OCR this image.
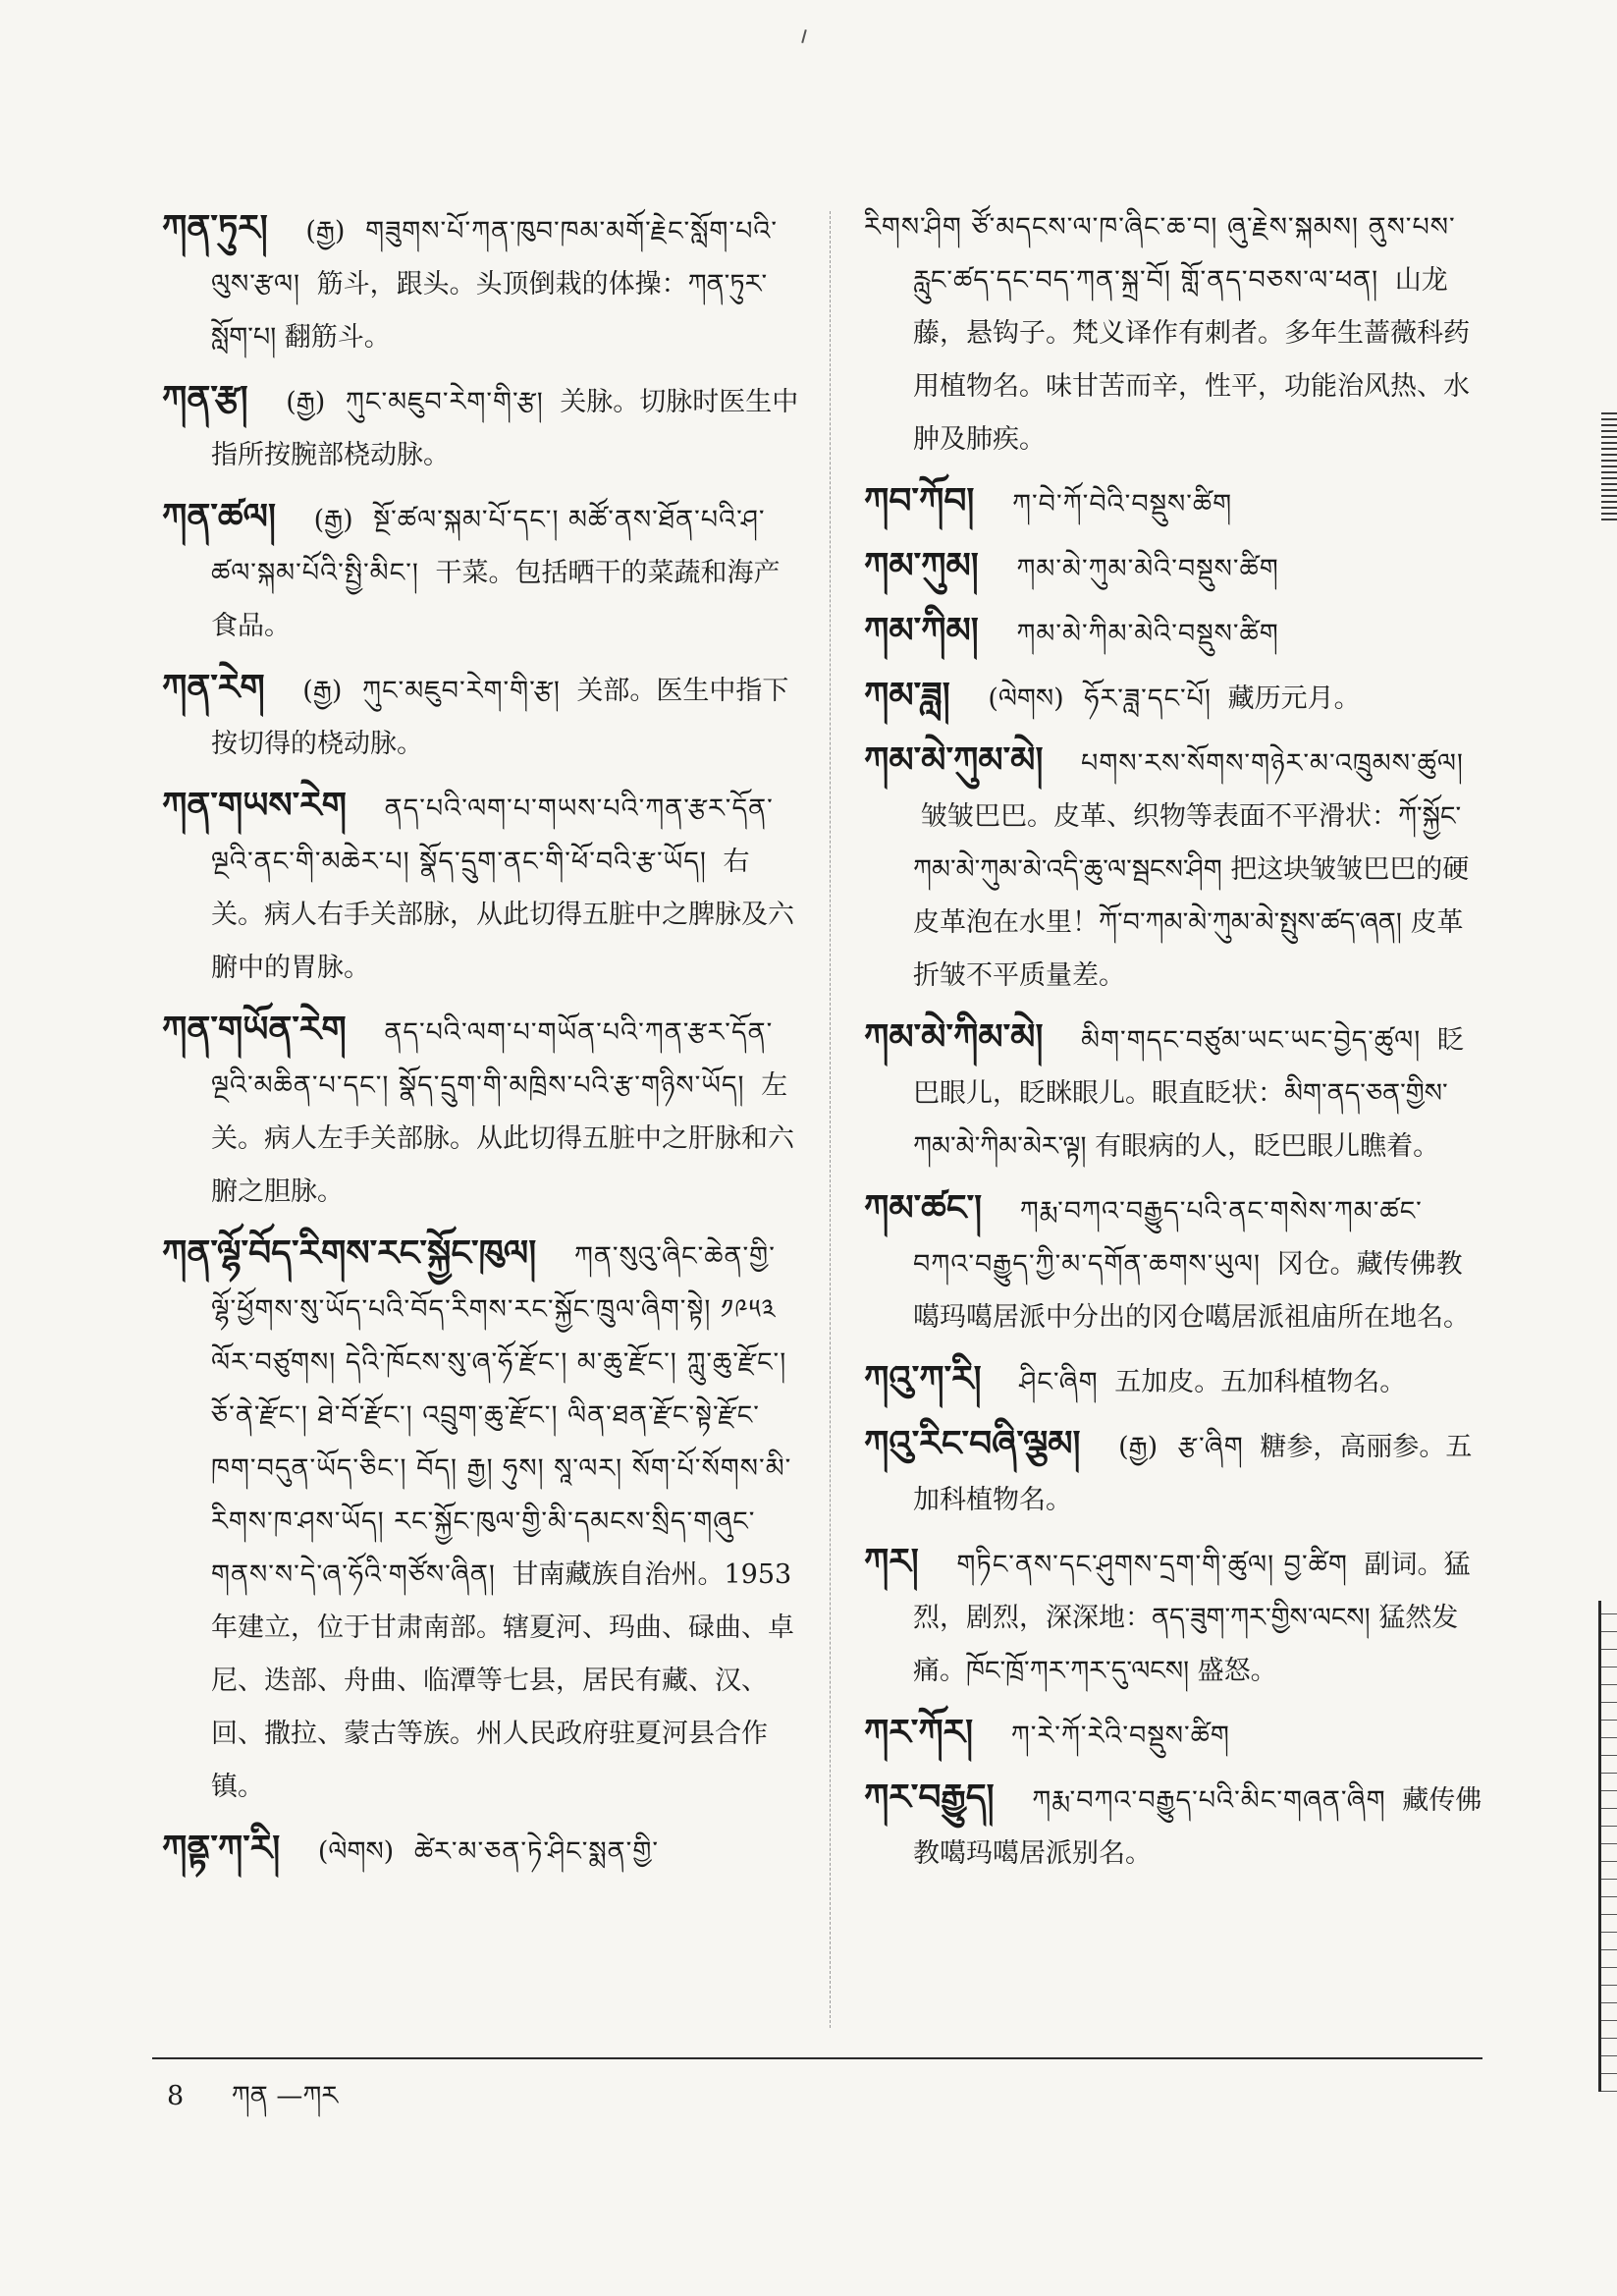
ཀན་ཏུར། (རྒྱ) གཟུགས་པོ་ཀན་ཁུབ་ཁམ་མགོ་རྗེང་སློག་པའི་ལུས་རྩལ། 筋斗，跟头。头顶倒栽的体操：ཀན་ཏུར་སློག་པ། 翻筋斗。
ཀན་རྩ། (རྒྱ) ཀུང་མཇུབ་རེག་གི་རྩ། 关脉。切脉时医生中指所按腕部桡动脉。
ཀན་ཚལ། (རྒྱ) སྔོ་ཚལ་སྐམ་པོ་དང་། མཚོ་ནས་ཐོན་པའི་ཤ་ཚལ་སྐམ་པོའི་སྤྱི་མིང་། 干菜。包括晒干的菜蔬和海产食品。
ཀན་རེག (རྒྱ) ཀུང་མཇུབ་རེག་གི་རྩ། 关部。医生中指下按切得的桡动脉。
ཀན་གཡས་རེག ནད་པའི་ལག་པ་གཡས་པའི་ཀན་རྩར་དོན་ལྔའི་ནང་གི་མཆེར་པ། སྣོད་དྲུག་ནང་གི་ཕོ་བའི་རྩ་ཡོད། 右关。病人右手关部脉，从此切得五脏中之脾脉及六腑中的胃脉。
ཀན་གཡོན་རེག ནད་པའི་ལག་པ་གཡོན་པའི་ཀན་རྩར་དོན་ལྔའི་མཆིན་པ་དང་། སྣོད་དྲུག་གི་མཁྲིས་པའི་རྩ་གཉིས་ཡོད། 左关。病人左手关部脉。从此切得五脏中之肝脉和六腑之胆脉。
ཀན་ལྷོ་བོད་རིགས་རང་སྐྱོང་ཁུལ། ཀན་སུའུ་ཞིང་ཆེན་གྱི་ལྷོ་ཕྱོགས་སུ་ཡོད་པའི་བོད་རིགས་རང་སྐྱོང་ཁྲུལ་ཞིག་སྟེ། ༡༩༥༣ ལོར་བཙུགས། དེའི་ཁོངས་སུ་ཞ་ཧོ་རྫོང་། མ་ཆུ་རྫོང་། ཀླུ་ཆུ་རྫོང་། ཅོ་ནེ་རྫོང་། ཐེ་བོ་རྫོང་། འབྲུག་ཆུ་རྫོང་། ལིན་ཐན་རྫོང་སྟེ་རྫོང་ཁག་བདུན་ཡོད་ཅིང་། བོད། རྒྱ། ཧུས། སཱ་ལར། སོག་པོ་སོགས་མི་རིགས་ཁ་ཤས་ཡོད། རང་སྐྱོང་ཁུལ་གྱི་མི་དམངས་སྲིད་གཞུང་གནས་ས་དེ་ཞ་ཧོའི་གཙོས་ཞིན། 甘南藏族自治州。1953 年建立，位于甘肃南部。辖夏河、玛曲、碌曲、卓尼、迭部、舟曲、临潭等七县，居民有藏、汉、回、撒拉、蒙古等族。州人民政府驻夏河县合作镇。
ཀནྟ་ཀ་རི། (ལེགས) ཚེར་མ་ཅན་ཏེ་ཤིང་སྨན་གྱི་
རིགས་ཤིག ཙོ་མདངས་ལ་ཁ་ཞིང་ཆ་བ། ཞུ་རྗེས་སྐམས། ནུས་པས་རླུང་ཚད་དང་བད་ཀན་སྐྲ་བོ། གློ་ནད་བཅས་ལ་ཕན། 山龙藤，悬钩子。梵义译作有刺者。多年生蔷薇科药用植物名。味甘苦而辛，性平，功能治风热、水肿及肺疾。
ཀབ་ཀོབ། ཀ་བེ་ཀོ་བེའི་བསྡུས་ཚིག
ཀམ་ཀུམ། ཀམ་མེ་ཀུམ་མེའི་བསྡུས་ཚིག
ཀམ་ཀིམ། ཀམ་མེ་ཀིམ་མེའི་བསྡུས་ཚིག
ཀམ་ཟླ། (ལེགས) ཧོར་ཟླ་དང་པོ། 藏历元月。
ཀམ་མེ་ཀུམ་མེ། པགས་རས་སོགས་གཉེར་མ་འཁྲུམས་ཚུལ། 皱皱巴巴。皮革、织物等表面不平滑状：ཀོ་སྐྱོང་ཀམ་མེ་ཀུམ་མེ་འདི་ཆུ་ལ་སྦངས་ཤིག 把这块皱皱巴巴的硬皮革泡在水里！ཀོ་བ་ཀམ་མེ་ཀུམ་མེ་སྤུས་ཚད་ཞན། 皮革折皱不平质量差。
ཀམ་མེ་ཀིམ་མེ། མིག་གདང་བཙུམ་ཡང་ཡང་བྱེད་ཚུལ། 眨巴眼儿，眨眯眼儿。眼直眨状：མིག་ནད་ཅན་གྱིས་ཀམ་མེ་ཀིམ་མེར་ལྟ། 有眼病的人，眨巴眼儿瞧着。
ཀམ་ཚང་། ཀརྨ་བཀའ་བརྒྱུད་པའི་ནང་གསེས་ཀམ་ཚང་བཀའ་བརྒྱུད་ཀྱི་མ་དགོན་ཆགས་ཡུལ། 冈仓。藏传佛教噶玛噶居派中分出的冈仓噶居派祖庙所在地名。
ཀའུ་ཀ་རི། ཤིང་ཞིག 五加皮。五加科植物名。
ཀའུ་རིང་བཞི་ལྕམ། (རྒྱ) རྩ་ཞིག 糖参，高丽参。五加科植物名。
ཀར། གཏིང་ནས་དང་ཤུགས་དྲག་གི་ཚུལ། བྱ་ཚིག 副词。猛烈，剧烈，深深地：ནད་ཟུག་ཀར་གྱིས་ལངས། 猛然发痛。ཁོང་ཁྲོ་ཀར་ཀར་དུ་ལངས། 盛怒。
ཀར་ཀོར། ཀ་རེ་ཀོ་རེའི་བསྡུས་ཚིག
ཀར་བརྒྱུད། ཀརྨ་བཀའ་བརྒྱུད་པའི་མིང་གཞན་ཞིག 藏传佛教噶玛噶居派别名。
8 ཀན —ཀར
